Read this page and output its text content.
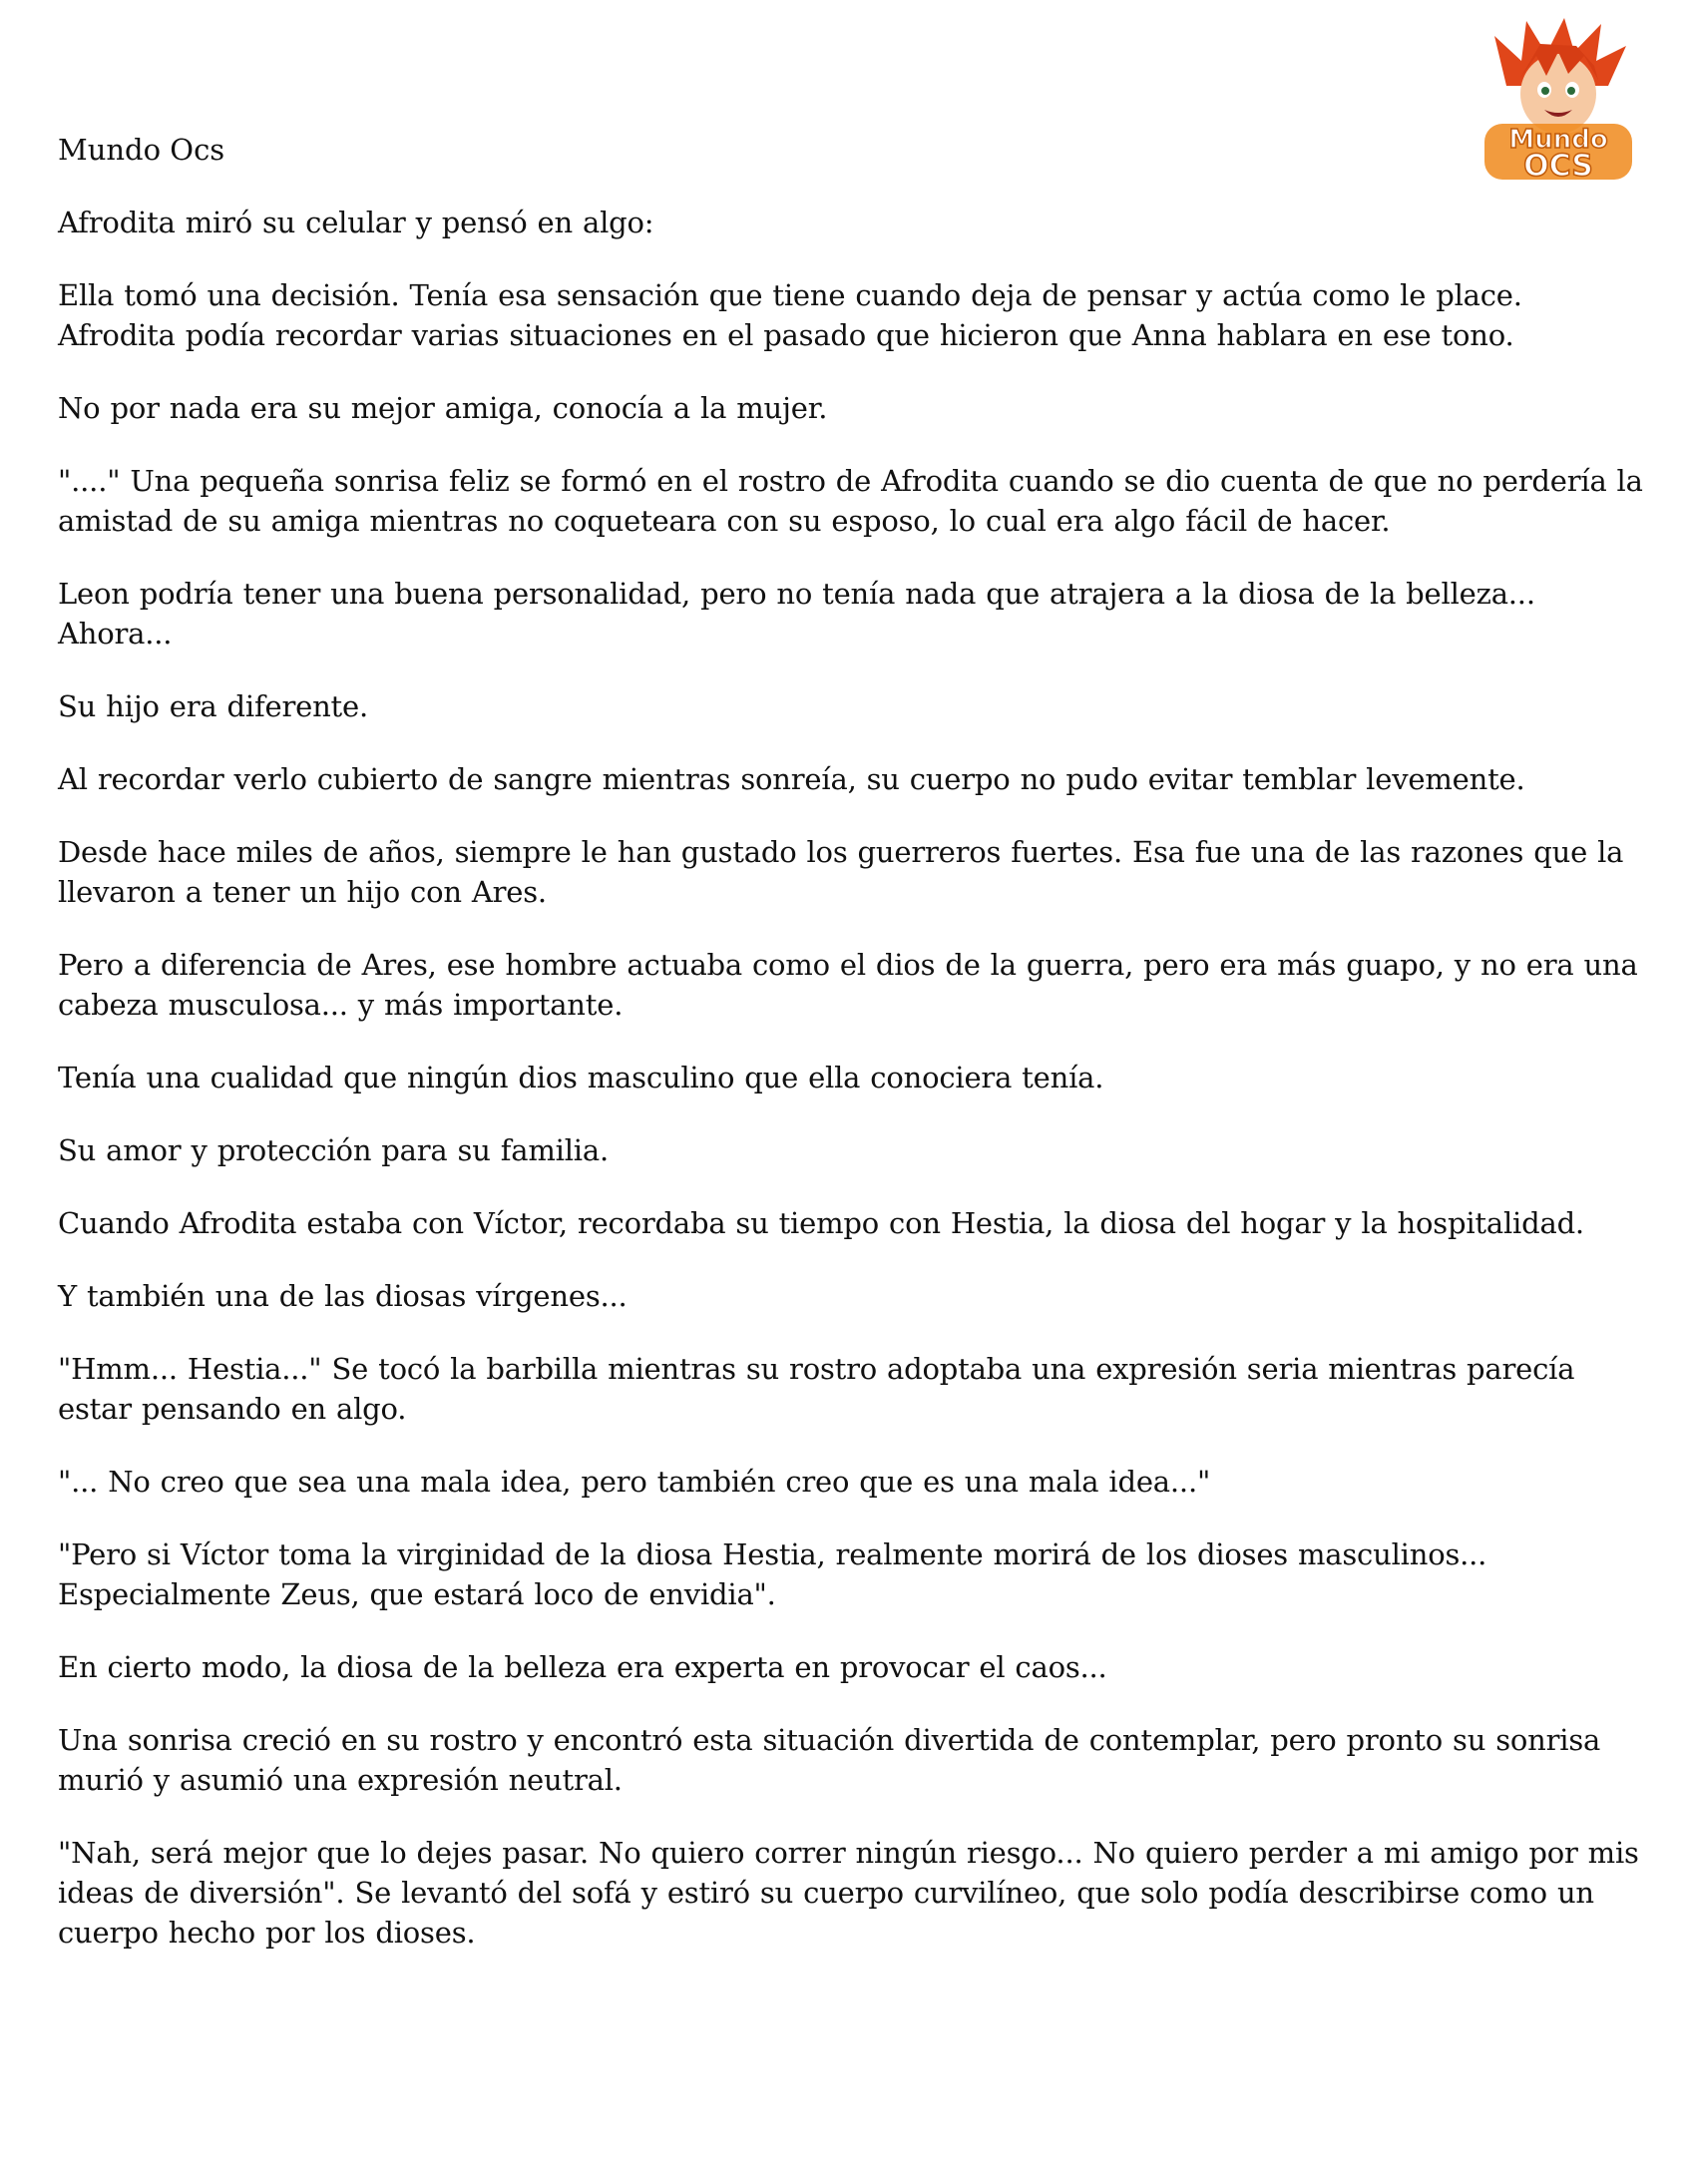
Mundo
OCS
Mundo Ocs

Afrodita miró su celular y pensó en algo:

Ella tomó una decisión. Tenía esa sensación que tiene cuando deja de pensar y actúa como le place. Afrodita podía recordar varias situaciones en el pasado que hicieron que Anna hablara en ese tono.

No por nada era su mejor amiga, conocía a la mujer.

"...." Una pequeña sonrisa feliz se formó en el rostro de Afrodita cuando se dio cuenta de que no perdería la amistad de su amiga mientras no coqueteara con su esposo, lo cual era algo fácil de hacer.

Leon podría tener una buena personalidad, pero no tenía nada que atrajera a la diosa de la belleza... Ahora...

Su hijo era diferente.

Al recordar verlo cubierto de sangre mientras sonreía, su cuerpo no pudo evitar temblar levemente.

Desde hace miles de años, siempre le han gustado los guerreros fuertes. Esa fue una de las razones que la llevaron a tener un hijo con Ares.

Pero a diferencia de Ares, ese hombre actuaba como el dios de la guerra, pero era más guapo, y no era una cabeza musculosa... y más importante.

Tenía una cualidad que ningún dios masculino que ella conociera tenía.

Su amor y protección para su familia.

Cuando Afrodita estaba con Víctor, recordaba su tiempo con Hestia, la diosa del hogar y la hospitalidad.

Y también una de las diosas vírgenes...

"Hmm... Hestia..." Se tocó la barbilla mientras su rostro adoptaba una expresión seria mientras parecía estar pensando en algo.

"... No creo que sea una mala idea, pero también creo que es una mala idea..."

"Pero si Víctor toma la virginidad de la diosa Hestia, realmente morirá de los dioses masculinos... Especialmente Zeus, que estará loco de envidia".

En cierto modo, la diosa de la belleza era experta en provocar el caos...

Una sonrisa creció en su rostro y encontró esta situación divertida de contemplar, pero pronto su sonrisa murió y asumió una expresión neutral.

"Nah, será mejor que lo dejes pasar. No quiero correr ningún riesgo... No quiero perder a mi amigo por mis ideas de diversión". Se levantó del sofá y estiró su cuerpo curvilíneo, que solo podía describirse como un cuerpo hecho por los dioses.
